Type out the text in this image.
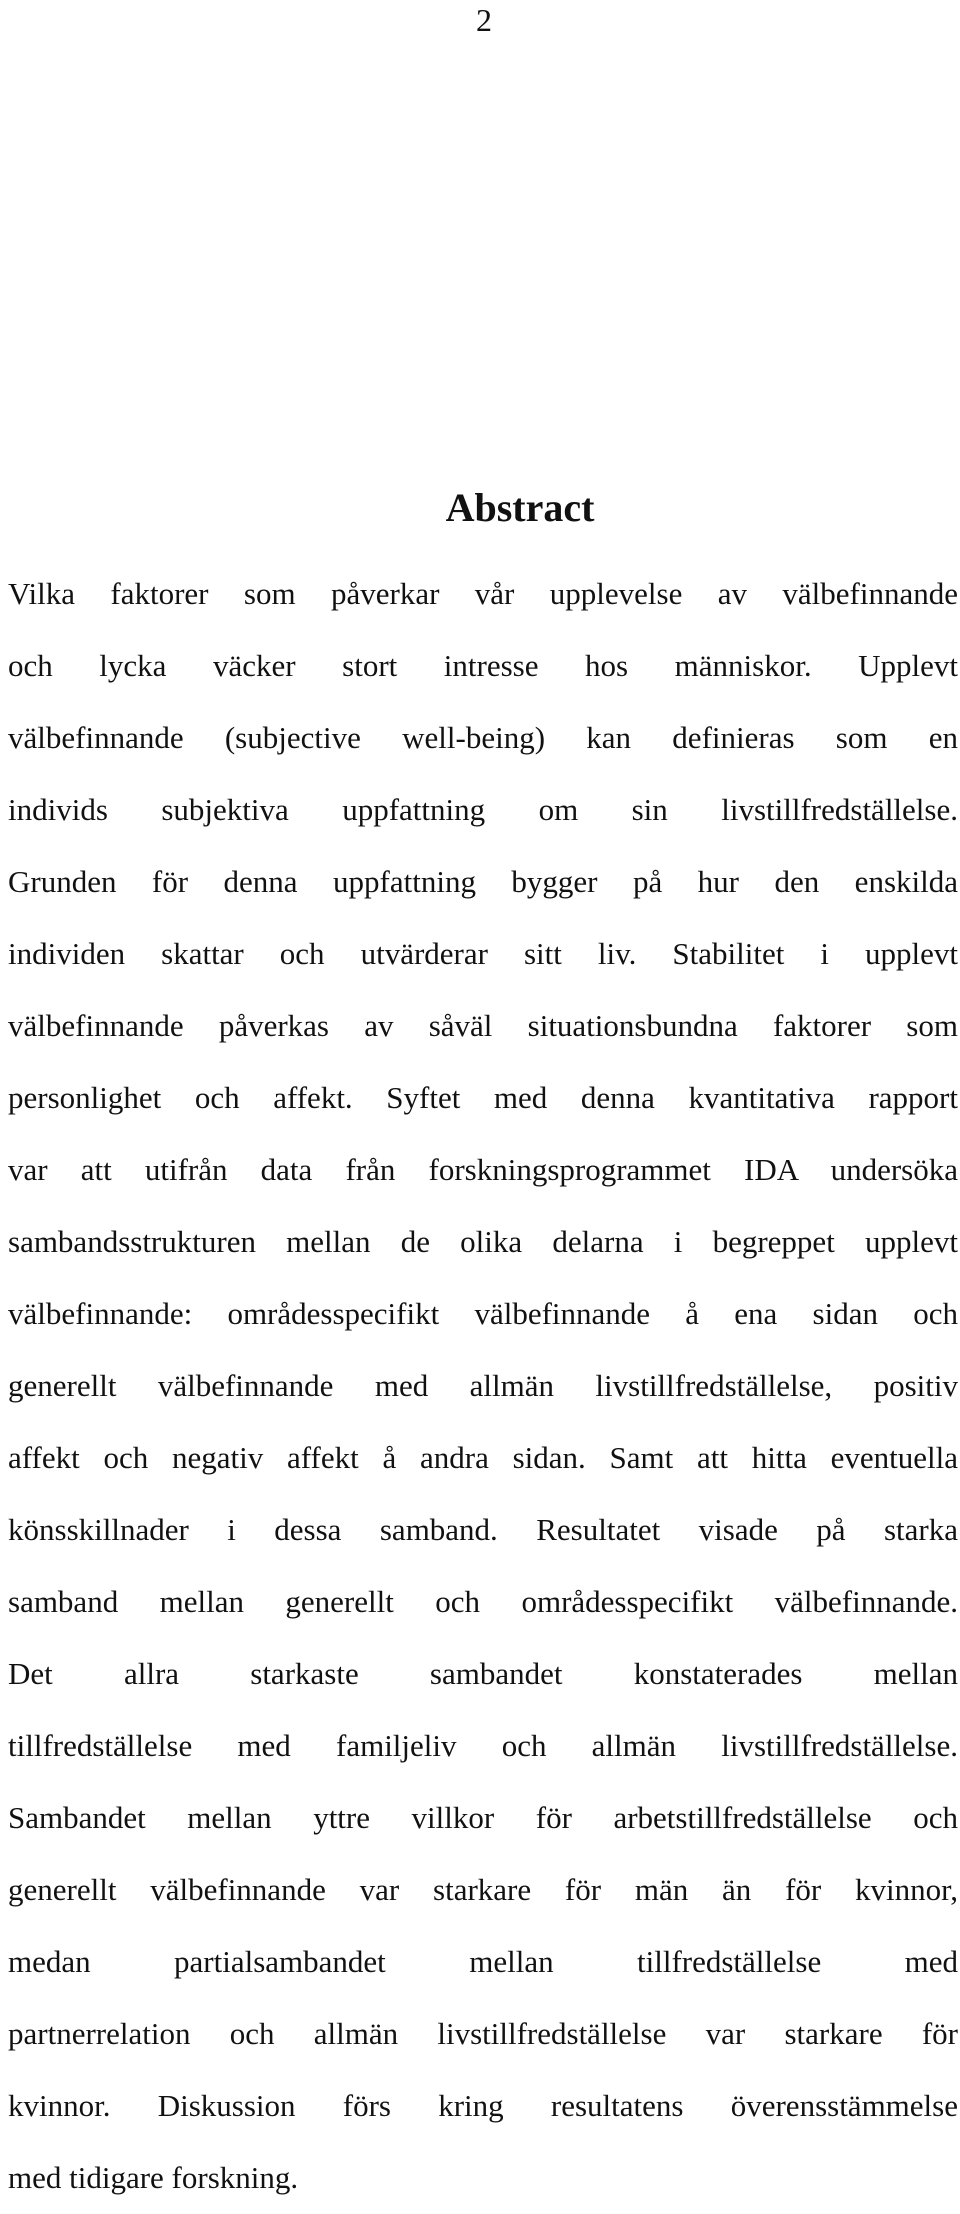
2
Abstract
Vilka faktorer som påverkar vår upplevelse av välbefinnande
och lycka väcker stort intresse hos människor. Upplevt
välbefinnande (subjective well-being) kan definieras som en
individs subjektiva uppfattning om sin livstillfredställelse.
Grunden för denna uppfattning bygger på hur den enskilda
individen skattar och utvärderar sitt liv. Stabilitet i upplevt
välbefinnande påverkas av såväl situationsbundna faktorer som
personlighet och affekt. Syftet med denna kvantitativa rapport
var att utifrån data från forskningsprogrammet IDA undersöka
sambandsstrukturen mellan de olika delarna i begreppet upplevt
välbefinnande: områdesspecifikt välbefinnande å ena sidan och
generellt välbefinnande med allmän livstillfredställelse, positiv
affekt och negativ affekt å andra sidan. Samt att hitta eventuella
könsskillnader i dessa samband. Resultatet visade på starka
samband mellan generellt och områdesspecifikt välbefinnande.
Det allra starkaste sambandet konstaterades mellan
tillfredställelse med familjeliv och allmän livstillfredställelse.
Sambandet mellan yttre villkor för arbetstillfredställelse och
generellt välbefinnande var starkare för män än för kvinnor,
medan partialsambandet mellan tillfredställelse med
partnerrelation och allmän livstillfredställelse var starkare för
kvinnor. Diskussion förs kring resultatens överensstämmelse
med tidigare forskning.
